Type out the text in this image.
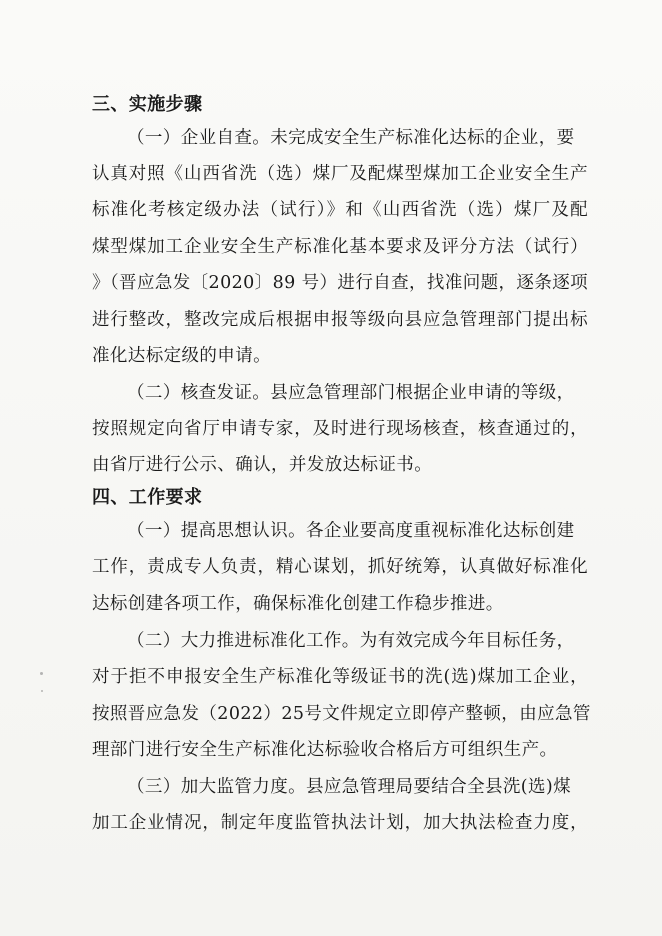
三、实施步骤
（一）企业自查。未完成安全生产标准化达标的企业，要
认真对照《山西省洗（选）煤厂及配煤型煤加工企业安全生产
标准化考核定级办法（试行）》和《山西省洗（选）煤厂及配
煤型煤加工企业安全生产标准化基本要求及评分方法（试行）
》（晋应急发〔2020〕89 号）进行自查，找准问题，逐条逐项
进行整改，整改完成后根据申报等级向县应急管理部门提出标
准化达标定级的申请。
（二）核查发证。县应急管理部门根据企业申请的等级，
按照规定向省厅申请专家，及时进行现场核查，核查通过的，
由省厅进行公示、确认，并发放达标证书。
四、工作要求
（一）提高思想认识。各企业要高度重视标准化达标创建
工作，责成专人负责，精心谋划，抓好统筹，认真做好标准化
达标创建各项工作，确保标准化创建工作稳步推进。
（二）大力推进标准化工作。为有效完成今年目标任务，
对于拒不申报安全生产标准化等级证书的洗(选)煤加工企业，
按照晋应急发（2022）25号文件规定立即停产整顿，由应急管
理部门进行安全生产标准化达标验收合格后方可组织生产。
（三）加大监管力度。县应急管理局要结合全县洗(选)煤
加工企业情况，制定年度监管执法计划，加大执法检查力度，
